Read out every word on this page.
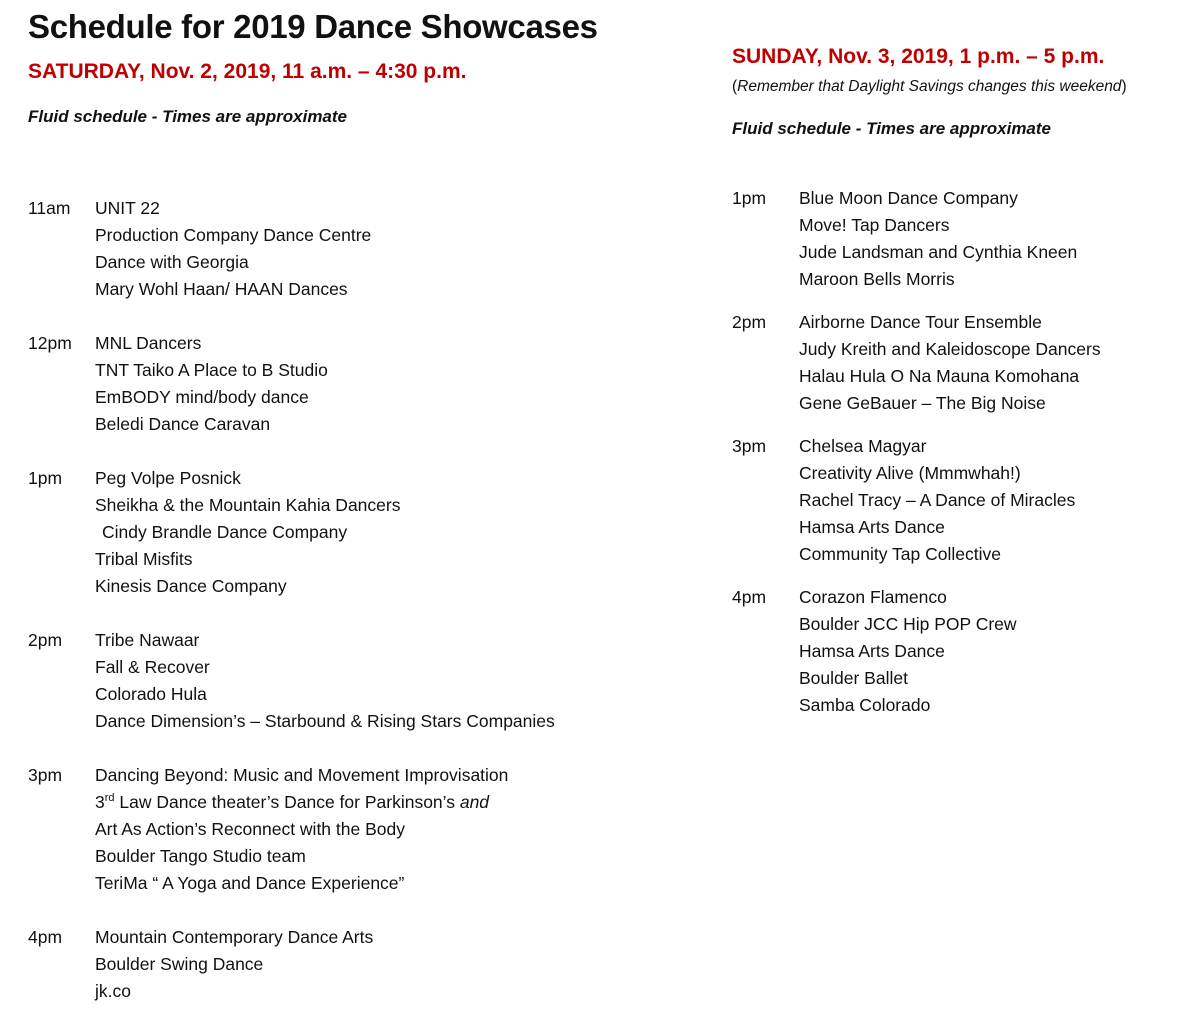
Schedule for 2019 Dance Showcases
SATURDAY, Nov. 2, 2019, 11 a.m. – 4:30 p.m.
Fluid schedule - Times are approximate
SUNDAY, Nov. 3, 2019, 1 p.m. – 5 p.m.
(Remember that Daylight Savings changes this weekend)
Fluid schedule - Times are approximate
11am	UNIT 22
Production Company Dance Centre
Dance with Georgia
Mary Wohl Haan/ HAAN Dances
12pm	MNL Dancers
TNT Taiko A Place to B Studio
EmBODY mind/body dance
Beledi Dance Caravan
1pm	Peg Volpe Posnick
Sheikha & the Mountain Kahia Dancers
Cindy Brandle Dance Company
Tribal Misfits
Kinesis Dance Company
2pm	Tribe Nawaar
Fall & Recover
Colorado Hula
Dance Dimension’s – Starbound & Rising Stars Companies
3pm	Dancing Beyond: Music and Movement Improvisation
3rd Law Dance theater’s Dance for Parkinson’s and
Art As Action’s Reconnect with the Body
Boulder Tango Studio team
TeriMa “ A Yoga and Dance Experience”
4pm	Mountain Contemporary Dance Arts
Boulder Swing Dance
jk.co
1pm	Blue Moon Dance Company
Move! Tap Dancers
Jude Landsman and Cynthia Kneen
Maroon Bells Morris
2pm	Airborne Dance Tour Ensemble
Judy Kreith and Kaleidoscope Dancers
Halau Hula O Na Mauna Komohana
Gene GeBauer – The Big Noise
3pm	Chelsea Magyar
Creativity Alive (Mmmwhah!)
Rachel Tracy – A Dance of Miracles
Hamsa Arts Dance
Community Tap Collective
4pm	Corazon Flamenco
Boulder JCC Hip POP Crew
Hamsa Arts Dance
Boulder Ballet
Samba Colorado
